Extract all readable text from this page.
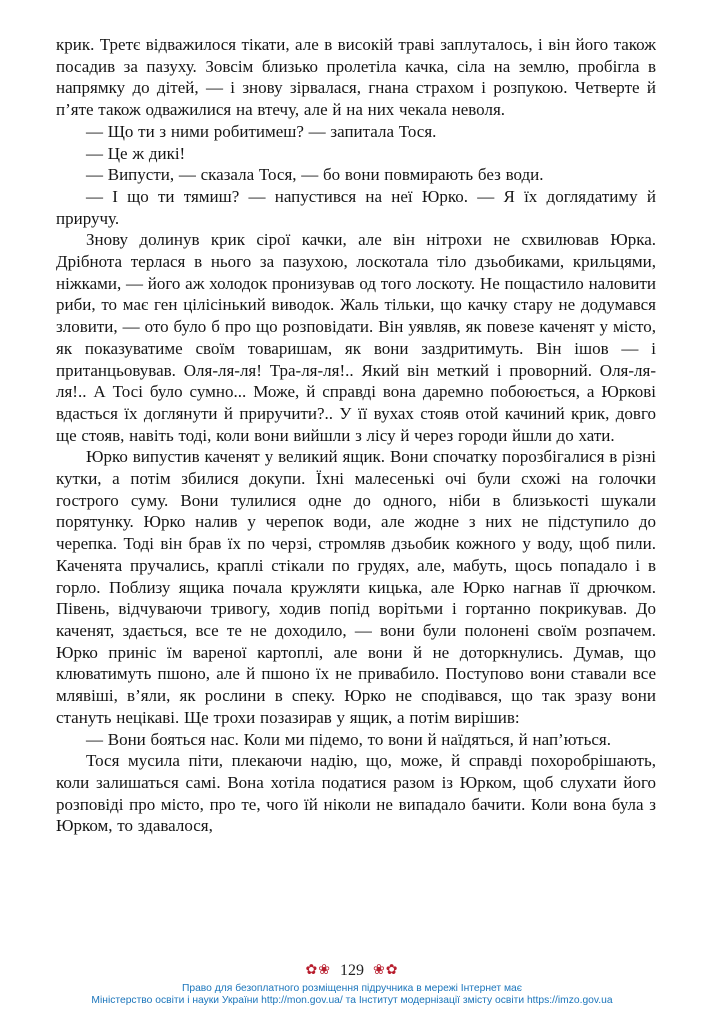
крик. Третє відважилося тікати, але в високій траві заплуталось, і він його також посадив за пазуху. Зовсім близько пролетіла качка, сіла на землю, пробігла в напрямку до дітей, — і знову зірвалася, гнана страхом і розпукою. Четверте й п’яте також одважилися на втечу, але й на них чекала неволя.

— Що ти з ними робитимеш? — запитала Тося.

— Це ж дикі!

— Випусти, — сказала Тося, — бо вони повмирають без води.

— І що ти тямиш? — напустився на неї Юрко. — Я їх доглядатиму й приручу.

Знову долинув крик сірої качки, але він нітрохи не схвилював Юрка. Дрібнота терлася в нього за пазухою, лоскотала тіло дзьобиками, крильцями, ніжками, — його аж холодок пронизував од того лоскоту. Не пощастило наловити риби, то має ген цілісінький виводок. Жаль тільки, що качку стару не додумався зловити, — ото було б про що розповідати. Він уявляв, як повезе каченят у місто, як показуватиме своїм товаришам, як вони заздритимуть. Він ішов — і пританцьовував. Оля-ля-ля! Тра-ля-ля!.. Який він меткий і проворний. Оля-ля-ля!.. А Тосі було сумно... Може, й справді вона даремно побоюється, а Юркові вдасться їх доглянути й приручити?.. У її вухах стояв отой качиний крик, довго ще стояв, навіть тоді, коли вони вийшли з лісу й через городи йшли до хати.

Юрко випустив каченят у великий ящик. Вони спочатку порозбігалися в різні кутки, а потім збилися докупи. Їхні малесенькі очі були схожі на голочки гострого суму. Вони тулилися одне до одного, ніби в близькості шукали порятунку. Юрко налив у черепок води, але жодне з них не підступило до черепка. Тоді він брав їх по черзі, стромляв дзьобик кожного у воду, щоб пили. Каченята пручались, краплі стікали по грудях, але, мабуть, щось попадало і в горло. Поблизу ящика почала кружляти кицька, але Юрко нагнав її дрючком. Півень, відчуваючи тривогу, ходив попід ворітьми і гортанно покрикував. До каченят, здається, все те не доходило, — вони були полонені своїм розпачем. Юрко приніс їм вареної картоплі, але вони й не доторкнулись. Думав, що клюватимуть пшоно, але й пшоно їх не привабило. Поступово вони ставали все млявіші, в’яли, як рослини в спеку. Юрко не сподівався, що так зразу вони стануть нецікаві. Ще трохи позазирав у ящик, а потім вирішив:

— Вони бояться нас. Коли ми підемо, то вони й наїдяться, й нап’ються.

Тося мусила піти, плекаючи надію, що, може, й справді похоробрішають, коли залишаться самі. Вона хотіла податися разом із Юрком, щоб слухати його розповіді про місто, про те, чого їй ніколи не випадало бачити. Коли вона була з Юрком, то здавалося,

✿❀ 129 ❀✿
Право для безоплатного розміщення підручника в мережі Інтернет має
Міністерство освіти і науки України http://mon.gov.ua/ та Інститут модернізації змісту освіти https://imzo.gov.ua
